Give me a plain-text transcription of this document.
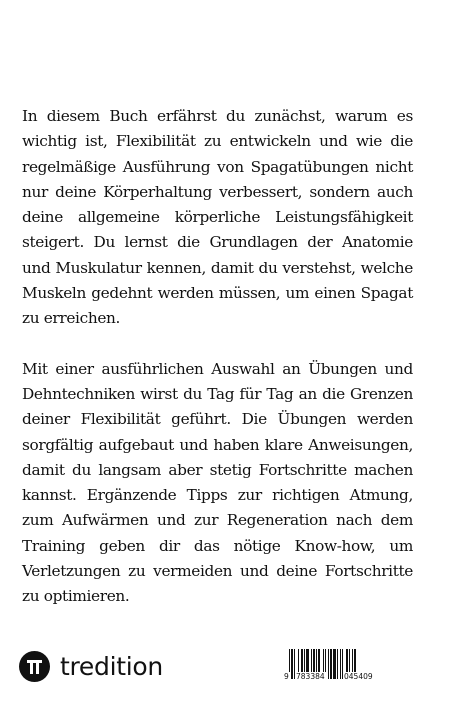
In diesem Buch erfährst du zunächst, warum es wichtig ist, Flexibilität zu entwickeln und wie die regelmäßige Ausführung von Spagatübungen nicht nur deine Körperhaltung verbessert, sondern auch deine allgemeine körperliche Leistungsfähigkeit steigert. Du lernst die Grundlagen der Anatomie und Muskulatur kennen, damit du verstehst, welche Muskeln gedehnt werden müssen, um einen Spagat zu erreichen.

Mit einer ausführlichen Auswahl an Übungen und Dehntechniken wirst du Tag für Tag an die Grenzen deiner Flexibilität geführt. Die Übungen werden sorgfältig aufgebaut und haben klare Anweisungen, damit du langsam aber stetig Fortschritte machen kannst. Ergänzende Tipps zur richtigen Atmung, zum Aufwärmen und zur Regeneration nach dem Training geben dir das nötige Know-how, um Verletzungen zu vermeiden und deine Fortschritte zu optimieren.

tredition	9 783384	045409
